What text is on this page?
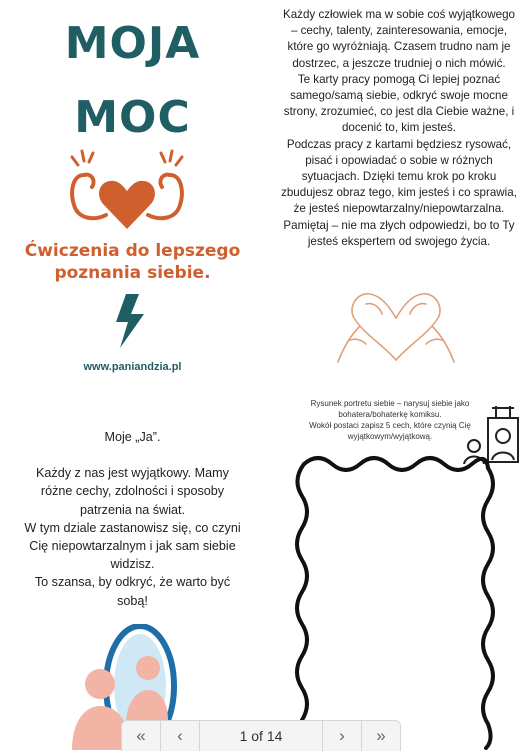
MOJA
MOC
Ćwiczenia do lepszego
poznania siebie.
www.paniandzia.pl

Każdy człowiek ma w sobie coś wyjątkowego – cechy, talenty, zainteresowania, emocje, które go wyróżniają. Czasem trudno nam je dostrzec, a jeszcze trudniej o nich mówić.

Te karty pracy pomogą Ci lepiej poznać samego/samą siebie, odkryć swoje mocne strony, zrozumieć, co jest dla Ciebie ważne, i docenić to, kim jesteś.

Podczas pracy z kartami będziesz rysować, pisać i opowiadać o sobie w różnych sytuacjach. Dzięki temu krok po kroku zbudujesz obraz tego, kim jesteś i co sprawia, że jesteś niepowtarzalny/niepowtarzalna.

Pamiętaj – nie ma złych odpowiedzi, bo to Ty jesteś ekspertem od swojego życia.

Moje „Ja”.

Każdy z nas jest wyjątkowy. Mamy różne cechy, zdolności i sposoby patrzenia na świat.

W tym dziale zastanowisz się, co czyni Cię niepowtarzalnym i jak sam siebie widzisz.

To szansa, by odkryć, że warto być sobą!

Rysunek portretu siebie – narysuj siebie jako bohatera/bohaterkę komiksu.

Wokół postaci zapisz 5 cech, które czynią Cię wyjątkowym/wyjątkową.

«	‹	1 of 14	›	»
